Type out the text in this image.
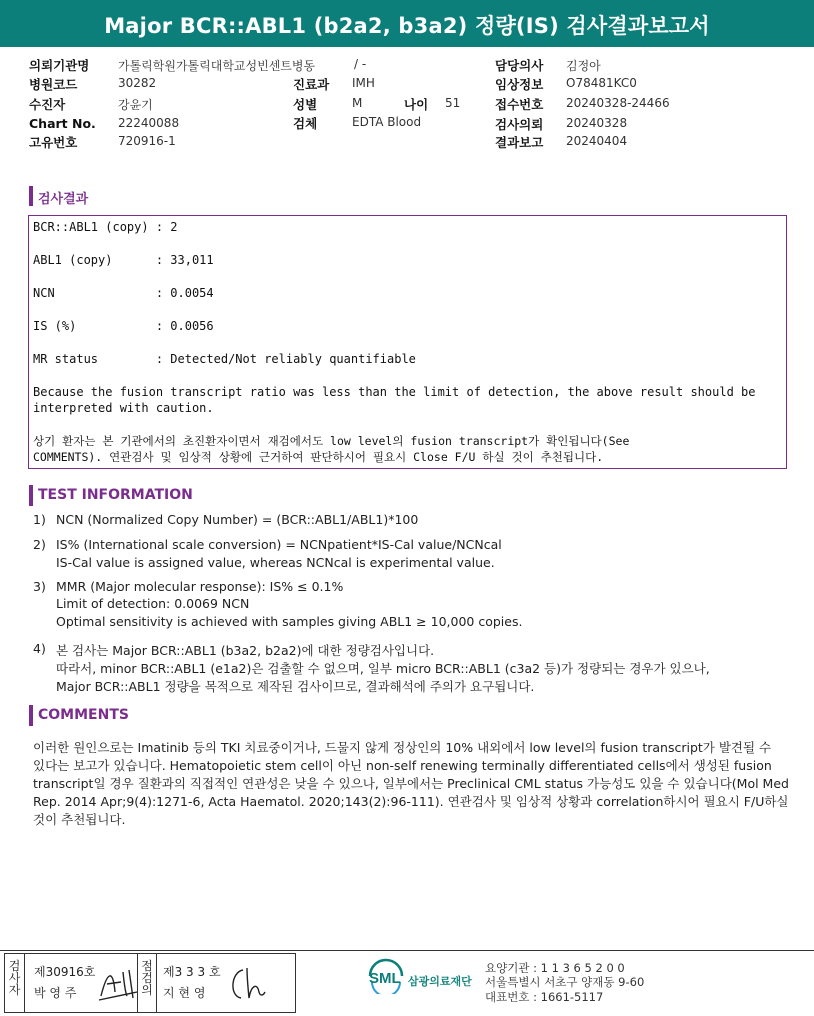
Major BCR::ABL1 (b2a2, b3a2) 정량(IS) 검사결과보고서
의뢰기관명 가톨릭학원가톨릭대학교성빈센트병동	/ -
병원코드	30282	진료과 IMH
수진자	강윤기	성별	M	나이 51
Chart No. 22240088	검체	EDTA Blood
고유번호	720916-1
담당의사 김정아
임상정보 O78481KC0
접수번호 20240328-24466
검사의뢰 20240328
결과보고 20240404
검사결과
BCR::ABL1 (copy) : 2
ABL1 (copy)      : 33,011
NCN              : 0.0054
IS (%)           : 0.0056
MR status        : Detected/Not reliably quantifiable
Because the fusion transcript ratio was less than the limit of detection, the above result should be
interpreted with caution.
상기 환자는 본 기관에서의 초진환자이면서 재검에서도 low level의 fusion transcript가 확인됩니다(See
COMMENTS). 연관검사 및 임상적 상황에 근거하여 판단하시어 필요시 Close F/U 하실 것이 추천됩니다.
TEST INFORMATION
1) NCN (Normalized Copy Number) = (BCR::ABL1/ABL1)*100
2) IS% (International scale conversion) = NCNpatient*IS-Cal value/NCNcal
IS-Cal value is assigned value, whereas NCNcal is experimental value.
3) MMR (Major molecular response): IS% ≤ 0.1%
Limit of detection: 0.0069 NCN
Optimal sensitivity is achieved with samples giving ABL1 ≥ 10,000 copies.
4) 본 검사는 Major BCR::ABL1 (b3a2, b2a2)에 대한 정량검사입니다.
따라서, minor BCR::ABL1 (e1a2)은 검출할 수 없으며, 일부 micro BCR::ABL1 (c3a2 등)가 정량되는 경우가 있으나,
Major BCR::ABL1 정량을 목적으로 제작된 검사이므로, 결과해석에 주의가 요구됩니다.
COMMENTS
이러한 원인으로는 Imatinib 등의 TKI 치료중이거나, 드물지 않게 정상인의 10% 내외에서 low level의 fusion transcript가 발견될 수
있다는 보고가 있습니다. Hematopoietic stem cell이 아닌 non-self renewing terminally differentiated cells에서 생성된 fusion
transcript일 경우 질환과의 직접적인 연관성은 낮을 수 있으나, 일부에서는 Preclinical CML status 가능성도 있을 수 있습니다(Mol Med
Rep. 2014 Apr;9(4):1271-6, Acta Haematol. 2020;143(2):96-111). 연관검사 및 임상적 상황과 correlation하시어 필요시 F/U하실
것이 추천됩니다.
검사자
제30916호
박 영 주
점검의
제3 3 3 호
지 현 영
SML 삼광의료재단
요양기관 : 1 1 3 6 5 2 0 0
서울특별시 서초구 양재동 9-60
대표번호 : 1661-5117
